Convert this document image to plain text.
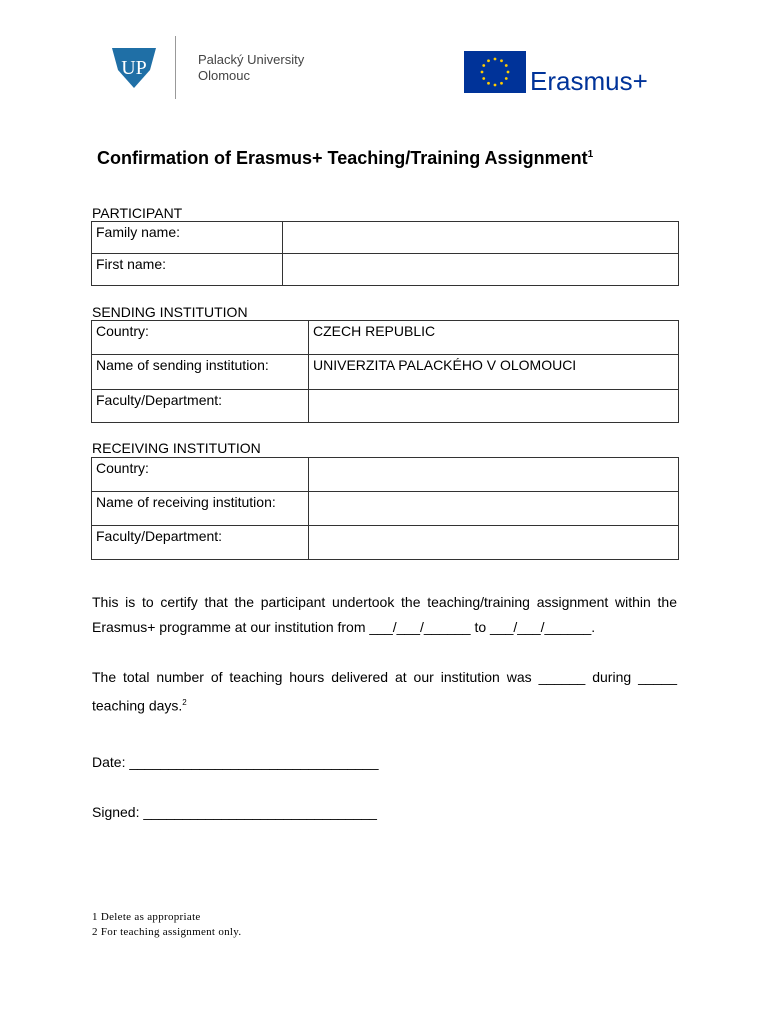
UP	Palacký University
Olomouc	Erasmus+
Confirmation of Erasmus+ Teaching/Training Assignment$^1$
PARTICIPANT
Family name:	
First name:	
SENDING INSTITUTION
Country:	CZECH REPUBLIC
Name of sending institution:	UNIVERZITA PALACKÉHO V OLOMOUCI
Faculty/Department:	
RECEIVING INSTITUTION
Country:	
Name of receiving institution:	
Faculty/Department:	
This is to certify that the participant undertook the teaching/training assignment within the Erasmus+ programme at our institution from ___/___/______ to ___/___/______.
The total number of teaching hours delivered at our institution was ______ during _____ teaching days.$^2$
Date: ________________________________
Signed: ______________________________
1 Delete as appropriate
2 For teaching assignment only.
